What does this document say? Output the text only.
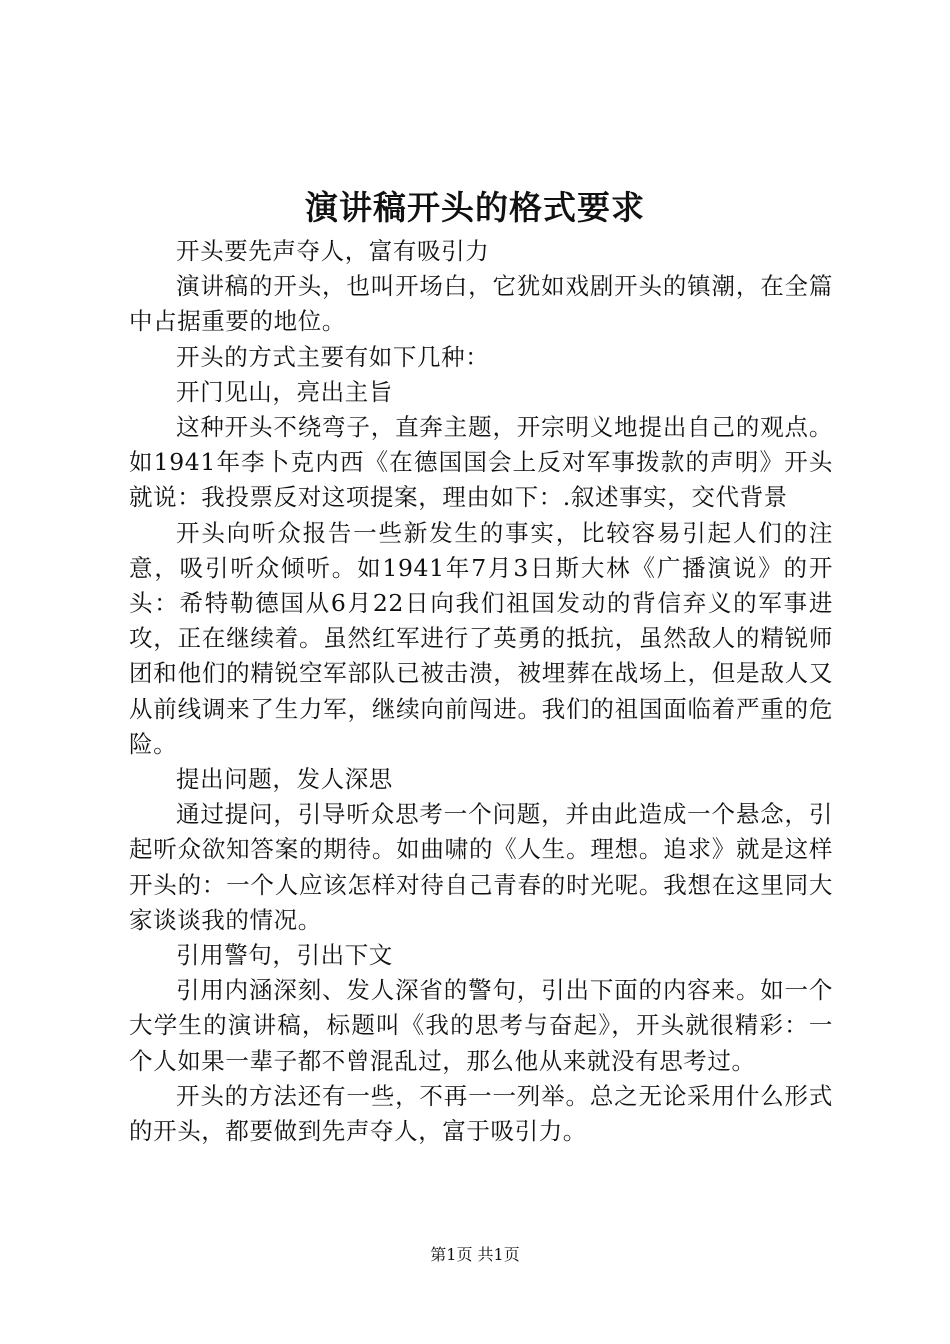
演讲稿开头的格式要求

开头要先声夺人，富有吸引力

演讲稿的开头，也叫开场白，它犹如戏剧开头的镇潮，在全篇中占据重要的地位。

开头的方式主要有如下几种：

开门见山，亮出主旨

这种开头不绕弯子，直奔主题，开宗明义地提出自己的观点。如1941年李卜克内西《在德国国会上反对军事拨款的声明》开头就说：我投票反对这项提案，理由如下：.叙述事实，交代背景

开头向听众报告一些新发生的事实，比较容易引起人们的注意，吸引听众倾听。如1941年7月3日斯大林《广播演说》的开头：希特勒德国从6月22日向我们祖国发动的背信弃义的军事进攻，正在继续着。虽然红军进行了英勇的抵抗，虽然敌人的精锐师团和他们的精锐空军部队已被击溃，被埋葬在战场上，但是敌人又从前线调来了生力军，继续向前闯进。我们的祖国面临着严重的危险。

提出问题，发人深思

通过提问，引导听众思考一个问题，并由此造成一个悬念，引起听众欲知答案的期待。如曲啸的《人生。理想。追求》就是这样开头的：一个人应该怎样对待自己青春的时光呢。我想在这里同大家谈谈我的情况。

引用警句，引出下文

引用内涵深刻、发人深省的警句，引出下面的内容来。如一个大学生的演讲稿，标题叫《我的思考与奋起》，开头就很精彩：一个人如果一辈子都不曾混乱过，那么他从来就没有思考过。

开头的方法还有一些，不再一一列举。总之无论采用什么形式的开头，都要做到先声夺人，富于吸引力。

第1页 共1页
